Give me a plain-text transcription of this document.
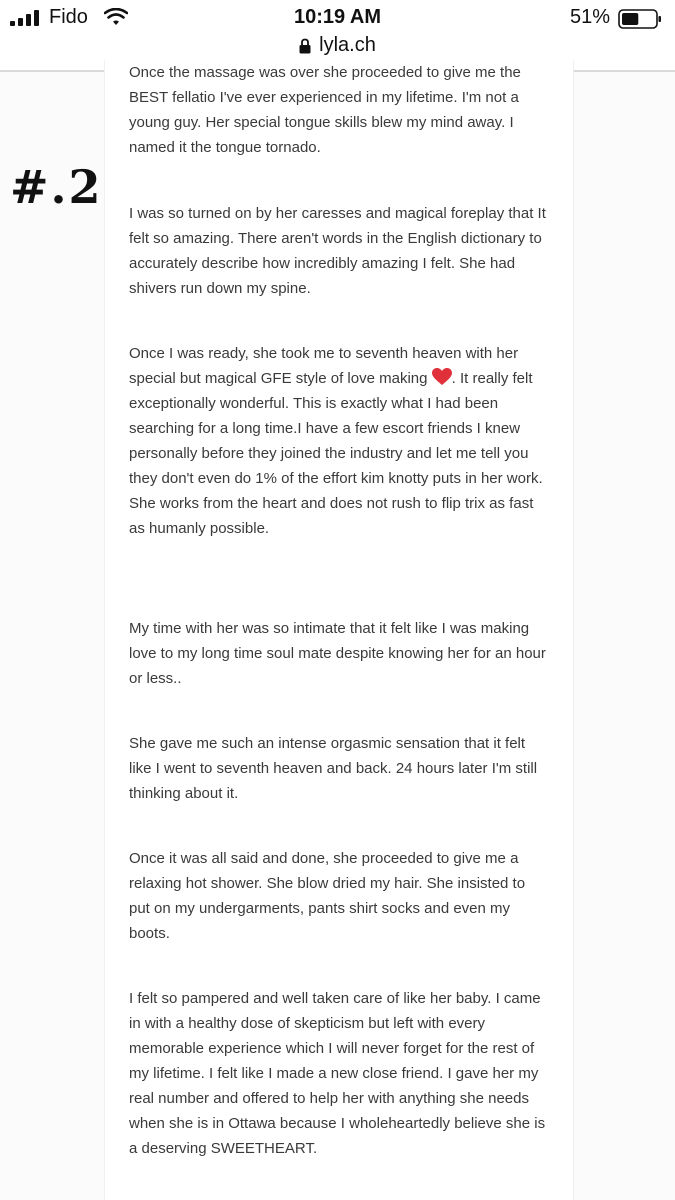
Fido	10:19 AM	51%
lyla.ch
#.2

Once the massage was over she proceeded to give me the BEST fellatio I've ever experienced in my lifetime. I'm not a young guy. Her special tongue skills blew my mind away. I named it the tongue tornado.

I was so turned on by her caresses and magical foreplay that It felt so amazing. There aren't words in the English dictionary to accurately describe how incredibly amazing I felt. She had shivers run down my spine.

Once I was ready, she took me to seventh heaven with her special but magical GFE style of love making . It really felt exceptionally wonderful. This is exactly what I had been searching for a long time.I have a few escort friends I knew personally before they joined the industry and let me tell you they don't even do 1% of the effort kim knotty puts in her work. She works from the heart and does not rush to flip trix as fast as humanly possible.

My time with her was so intimate that it felt like I was making love to my long time soul mate despite knowing her for an hour or less..

She gave me such an intense orgasmic sensation that it felt like I went to seventh heaven and back. 24 hours later I'm still thinking about it.

Once it was all said and done, she proceeded to give me a relaxing hot shower. She blow dried my hair. She insisted to put on my undergarments, pants shirt socks and even my boots.

I felt so pampered and well taken care of like her baby. I came in with a healthy dose of skepticism but left with every memorable experience which I will never forget for the rest of my lifetime. I felt like I made a new close friend. I gave her my real number and offered to help her with anything she needs when she is in Ottawa because I wholeheartedly believe she is a deserving SWEETHEART.
